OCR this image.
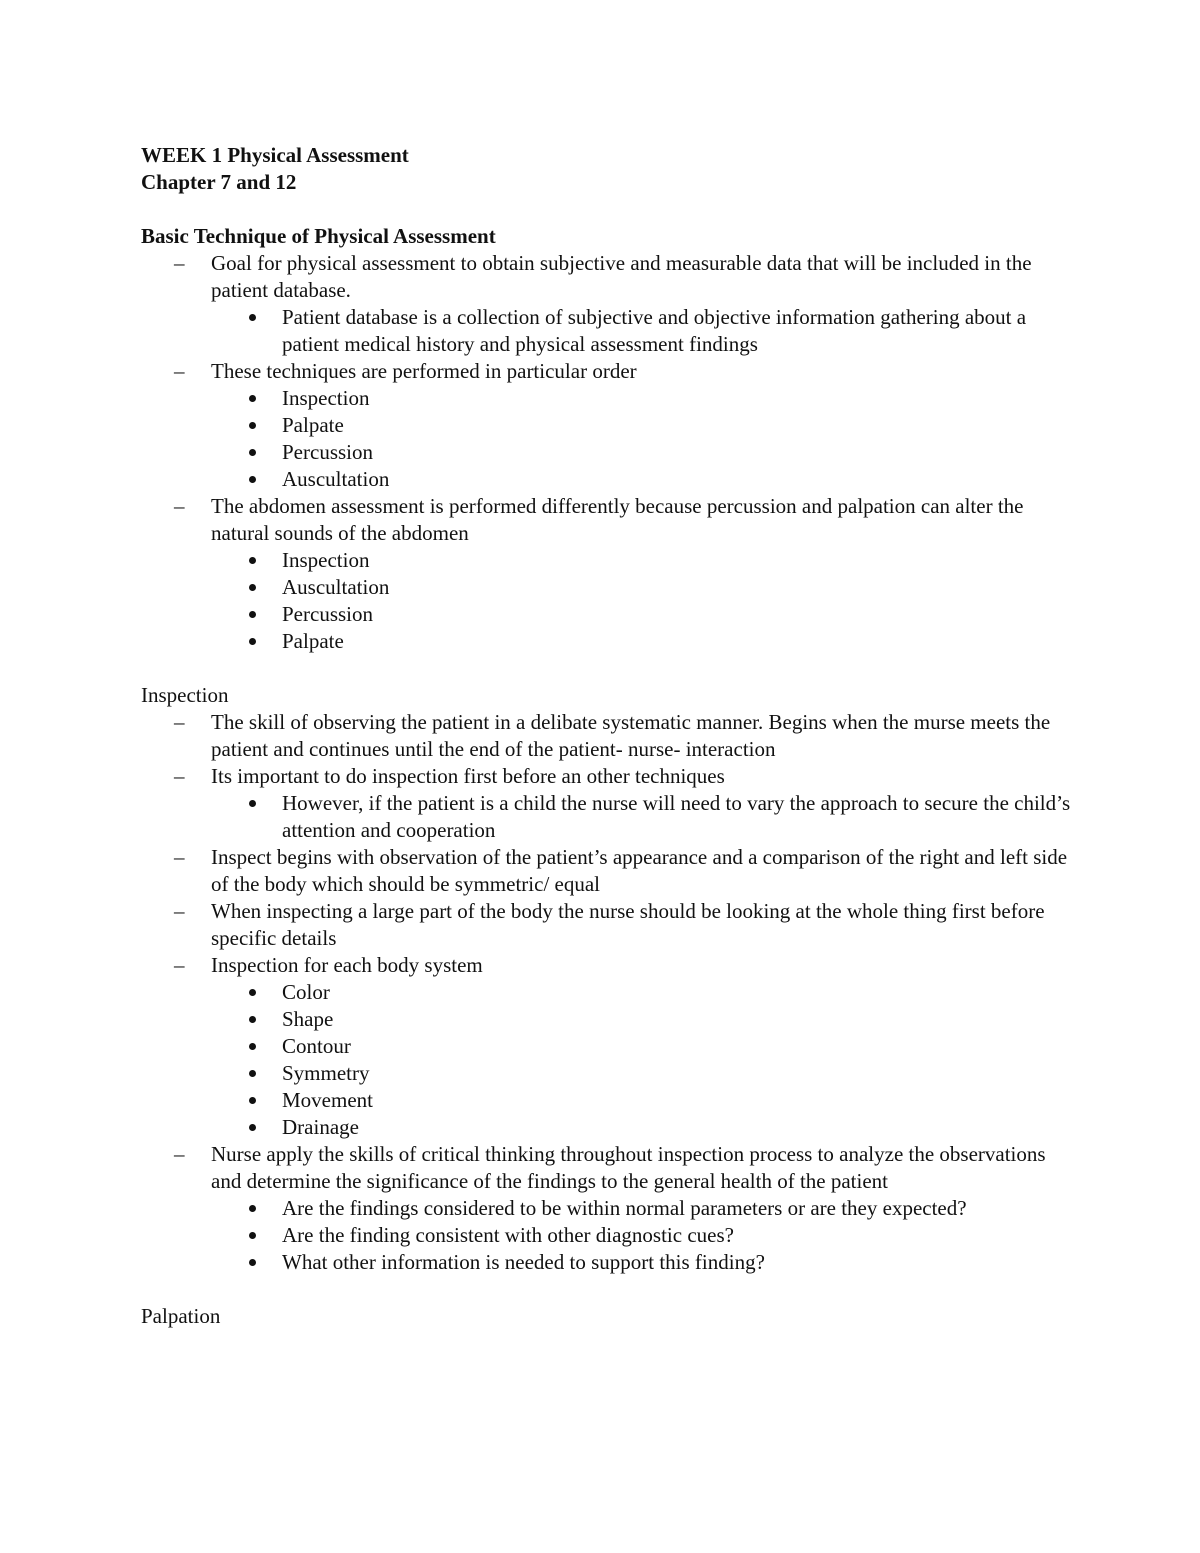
WEEK 1 Physical Assessment
Chapter 7 and 12
Basic Technique of Physical Assessment
– Goal for physical assessment to obtain subjective and measurable data that will be included in the patient database.
Patient database is a collection of subjective and objective information gathering about a patient medical history and physical assessment findings
– These techniques are performed in particular order
Inspection
Palpate
Percussion
Auscultation
– The abdomen assessment is performed differently because percussion and palpation can alter the natural sounds of the abdomen
Inspection
Auscultation
Percussion
Palpate
Inspection
– The skill of observing the patient in a delibate systematic manner. Begins when the murse meets the patient and continues until the end of the patient- nurse- interaction
– Its important to do inspection first before an other techniques
However, if the patient is a child the nurse will need to vary the approach to secure the child’s attention and cooperation
– Inspect begins with observation of the patient’s appearance and a comparison of the right and left side of the body which should be symmetric/ equal
– When inspecting a large part of the body the nurse should be looking at the whole thing first before specific details
– Inspection for each body system
Color
Shape
Contour
Symmetry
Movement
Drainage
– Nurse apply the skills of critical thinking throughout inspection process to analyze the observations and determine the significance of the findings to the general health of the patient
Are the findings considered to be within normal parameters or are they expected?
Are the finding consistent with other diagnostic cues?
What other information is needed to support this finding?
Palpation
